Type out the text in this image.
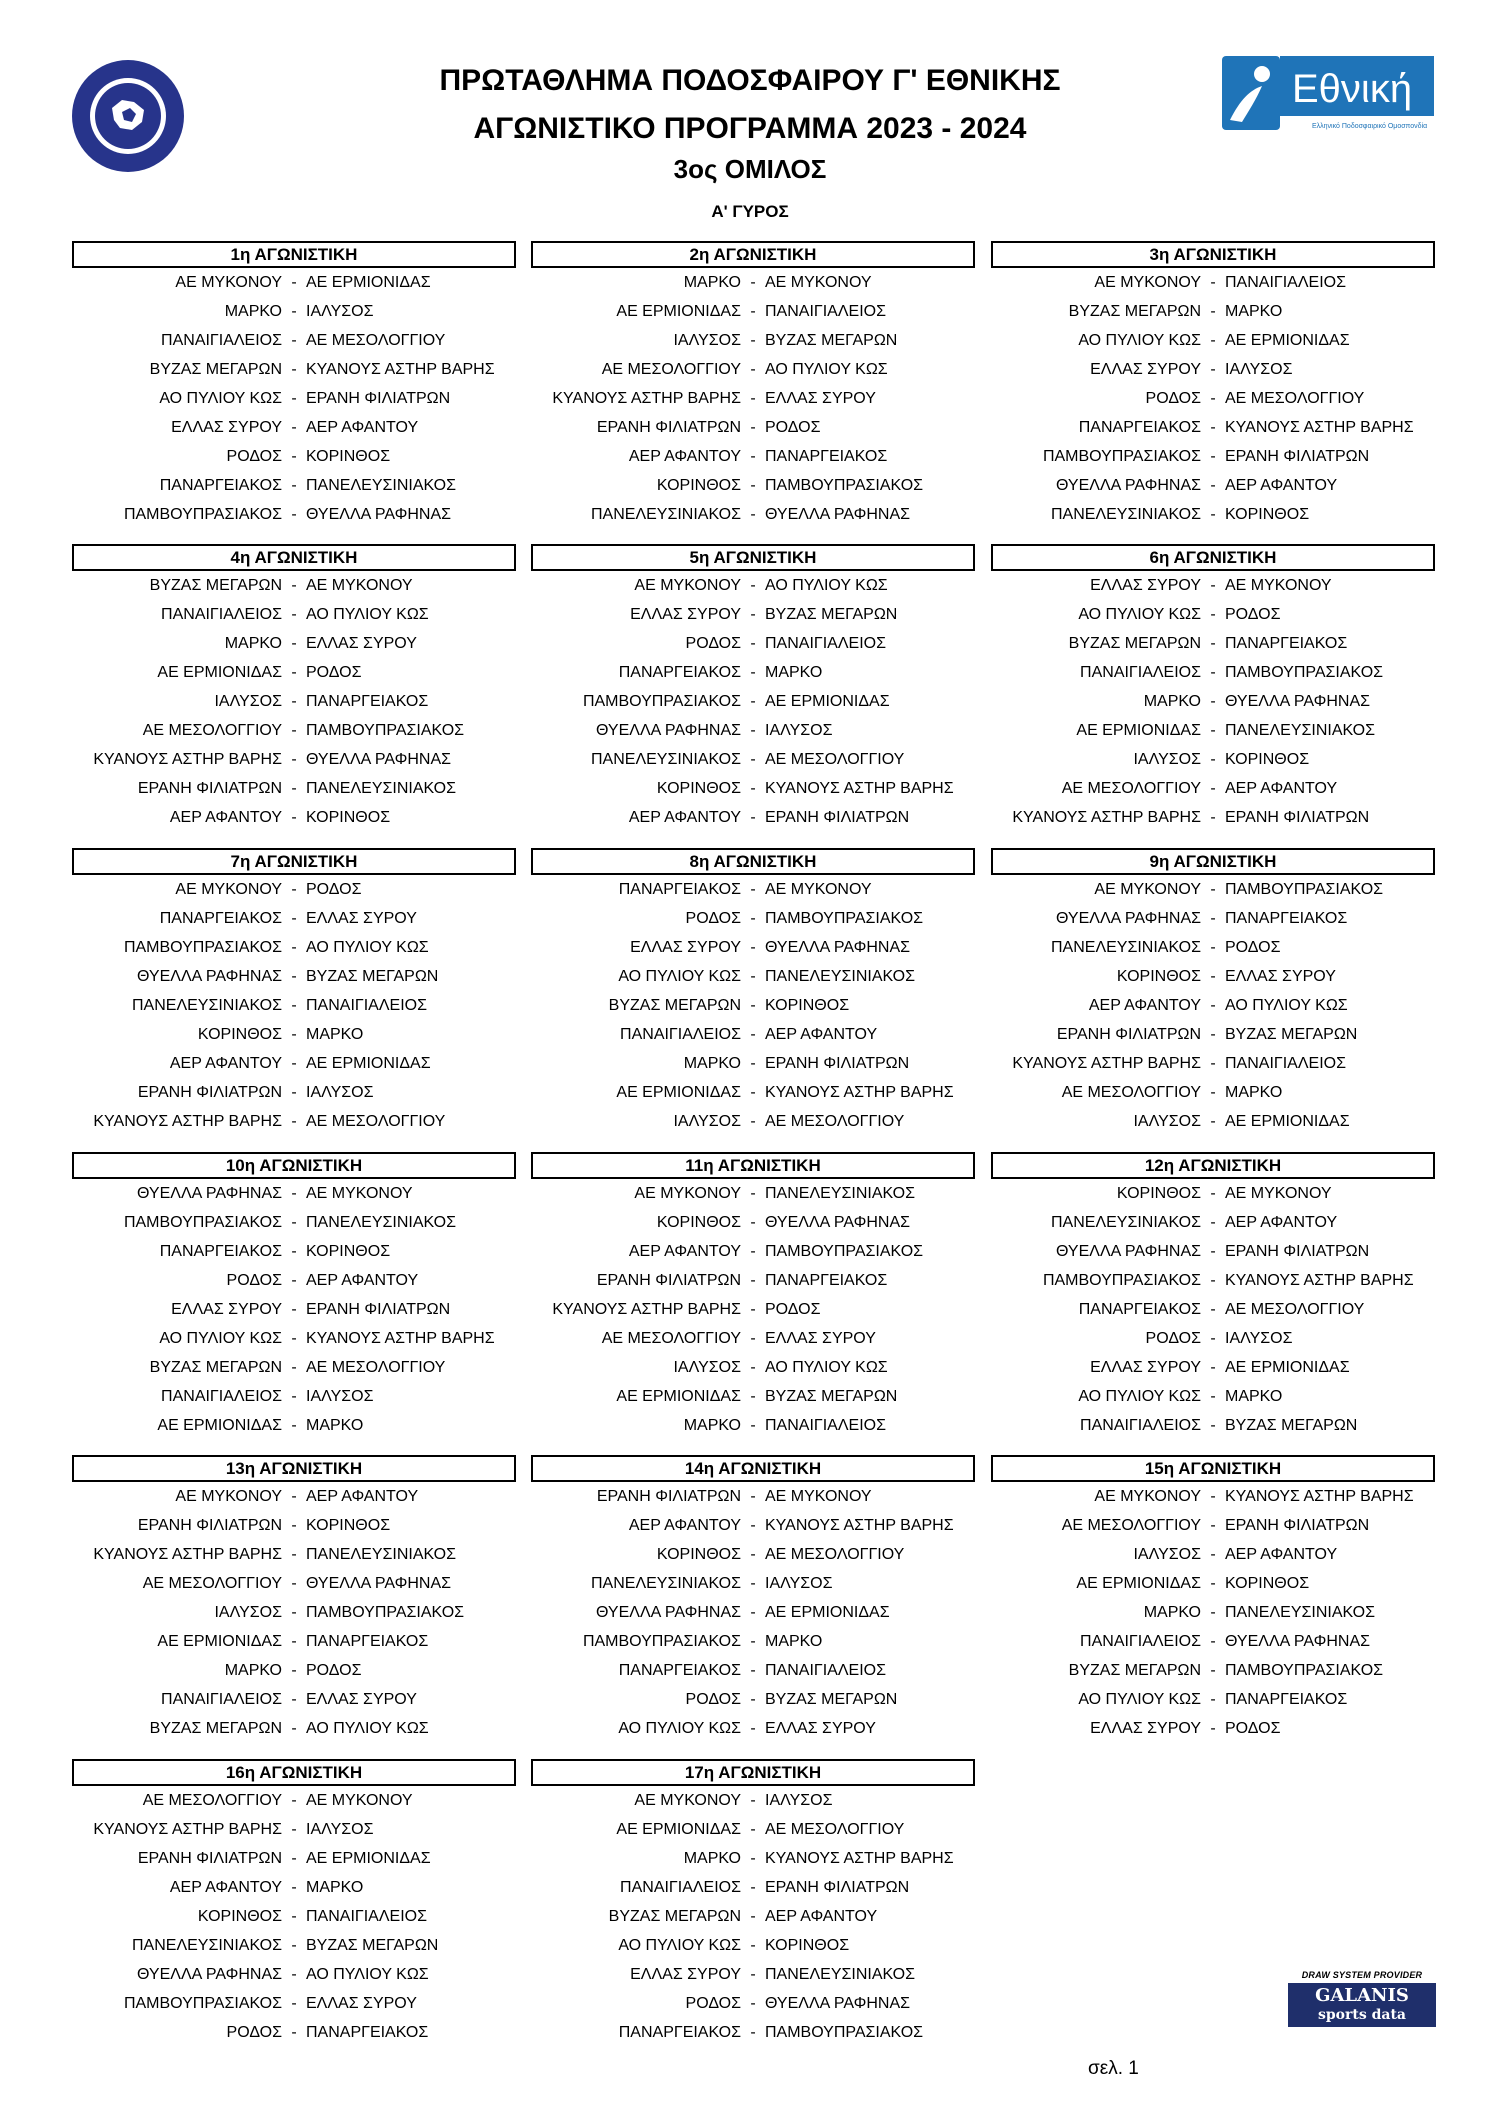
Εθνική
Ελληνικό Ποδοσφαιρικό Ομοσπονδία
ΠΡΩΤΑΘΛΗΜΑ ΠΟΔΟΣΦΑΙΡΟΥ Γ' ΕΘΝΙΚΗΣ
ΑΓΩΝΙΣΤΙΚΟ ΠΡΟΓΡΑΜΜΑ 2023 - 2024
3ος ΟΜΙΛΟΣ
Α' ΓΥΡΟΣ
1η ΑΓΩΝΙΣΤΙΚΗ
ΑΕ ΜΥΚΟΝΟΥ - ΑΕ ΕΡΜΙΟΝΙΔΑΣ
ΜΑΡΚΟ - ΙΑΛΥΣΟΣ
ΠΑΝΑΙΓΙΑΛΕΙΟΣ - ΑΕ ΜΕΣΟΛΟΓΓΙΟΥ
ΒΥΖΑΣ ΜΕΓΑΡΩΝ - ΚΥΑΝΟΥΣ ΑΣΤΗΡ ΒΑΡΗΣ
ΑΟ ΠΥΛΙΟΥ ΚΩΣ - ΕΡΑΝΗ ΦΙΛΙΑΤΡΩΝ
ΕΛΛΑΣ ΣΥΡΟΥ - ΑΕΡ ΑΦΑΝΤΟΥ
ΡΟΔΟΣ - ΚΟΡΙΝΘΟΣ
ΠΑΝΑΡΓΕΙΑΚΟΣ - ΠΑΝΕΛΕΥΣΙΝΙΑΚΟΣ
ΠΑΜΒΟΥΠΡΑΣΙΑΚΟΣ - ΘΥΕΛΛΑ ΡΑΦΗΝΑΣ
2η ΑΓΩΝΙΣΤΙΚΗ
ΜΑΡΚΟ - ΑΕ ΜΥΚΟΝΟΥ
ΑΕ ΕΡΜΙΟΝΙΔΑΣ - ΠΑΝΑΙΓΙΑΛΕΙΟΣ
ΙΑΛΥΣΟΣ - ΒΥΖΑΣ ΜΕΓΑΡΩΝ
ΑΕ ΜΕΣΟΛΟΓΓΙΟΥ - ΑΟ ΠΥΛΙΟΥ ΚΩΣ
ΚΥΑΝΟΥΣ ΑΣΤΗΡ ΒΑΡΗΣ - ΕΛΛΑΣ ΣΥΡΟΥ
ΕΡΑΝΗ ΦΙΛΙΑΤΡΩΝ - ΡΟΔΟΣ
ΑΕΡ ΑΦΑΝΤΟΥ - ΠΑΝΑΡΓΕΙΑΚΟΣ
ΚΟΡΙΝΘΟΣ - ΠΑΜΒΟΥΠΡΑΣΙΑΚΟΣ
ΠΑΝΕΛΕΥΣΙΝΙΑΚΟΣ - ΘΥΕΛΛΑ ΡΑΦΗΝΑΣ
3η ΑΓΩΝΙΣΤΙΚΗ
ΑΕ ΜΥΚΟΝΟΥ - ΠΑΝΑΙΓΙΑΛΕΙΟΣ
ΒΥΖΑΣ ΜΕΓΑΡΩΝ - ΜΑΡΚΟ
ΑΟ ΠΥΛΙΟΥ ΚΩΣ - ΑΕ ΕΡΜΙΟΝΙΔΑΣ
ΕΛΛΑΣ ΣΥΡΟΥ - ΙΑΛΥΣΟΣ
ΡΟΔΟΣ - ΑΕ ΜΕΣΟΛΟΓΓΙΟΥ
ΠΑΝΑΡΓΕΙΑΚΟΣ - ΚΥΑΝΟΥΣ ΑΣΤΗΡ ΒΑΡΗΣ
ΠΑΜΒΟΥΠΡΑΣΙΑΚΟΣ - ΕΡΑΝΗ ΦΙΛΙΑΤΡΩΝ
ΘΥΕΛΛΑ ΡΑΦΗΝΑΣ - ΑΕΡ ΑΦΑΝΤΟΥ
ΠΑΝΕΛΕΥΣΙΝΙΑΚΟΣ - ΚΟΡΙΝΘΟΣ
4η ΑΓΩΝΙΣΤΙΚΗ
ΒΥΖΑΣ ΜΕΓΑΡΩΝ - ΑΕ ΜΥΚΟΝΟΥ
ΠΑΝΑΙΓΙΑΛΕΙΟΣ - ΑΟ ΠΥΛΙΟΥ ΚΩΣ
ΜΑΡΚΟ - ΕΛΛΑΣ ΣΥΡΟΥ
ΑΕ ΕΡΜΙΟΝΙΔΑΣ - ΡΟΔΟΣ
ΙΑΛΥΣΟΣ - ΠΑΝΑΡΓΕΙΑΚΟΣ
ΑΕ ΜΕΣΟΛΟΓΓΙΟΥ - ΠΑΜΒΟΥΠΡΑΣΙΑΚΟΣ
ΚΥΑΝΟΥΣ ΑΣΤΗΡ ΒΑΡΗΣ - ΘΥΕΛΛΑ ΡΑΦΗΝΑΣ
ΕΡΑΝΗ ΦΙΛΙΑΤΡΩΝ - ΠΑΝΕΛΕΥΣΙΝΙΑΚΟΣ
ΑΕΡ ΑΦΑΝΤΟΥ - ΚΟΡΙΝΘΟΣ
5η ΑΓΩΝΙΣΤΙΚΗ
ΑΕ ΜΥΚΟΝΟΥ - ΑΟ ΠΥΛΙΟΥ ΚΩΣ
ΕΛΛΑΣ ΣΥΡΟΥ - ΒΥΖΑΣ ΜΕΓΑΡΩΝ
ΡΟΔΟΣ - ΠΑΝΑΙΓΙΑΛΕΙΟΣ
ΠΑΝΑΡΓΕΙΑΚΟΣ - ΜΑΡΚΟ
ΠΑΜΒΟΥΠΡΑΣΙΑΚΟΣ - ΑΕ ΕΡΜΙΟΝΙΔΑΣ
ΘΥΕΛΛΑ ΡΑΦΗΝΑΣ - ΙΑΛΥΣΟΣ
ΠΑΝΕΛΕΥΣΙΝΙΑΚΟΣ - ΑΕ ΜΕΣΟΛΟΓΓΙΟΥ
ΚΟΡΙΝΘΟΣ - ΚΥΑΝΟΥΣ ΑΣΤΗΡ ΒΑΡΗΣ
ΑΕΡ ΑΦΑΝΤΟΥ - ΕΡΑΝΗ ΦΙΛΙΑΤΡΩΝ
6η ΑΓΩΝΙΣΤΙΚΗ
ΕΛΛΑΣ ΣΥΡΟΥ - ΑΕ ΜΥΚΟΝΟΥ
ΑΟ ΠΥΛΙΟΥ ΚΩΣ - ΡΟΔΟΣ
ΒΥΖΑΣ ΜΕΓΑΡΩΝ - ΠΑΝΑΡΓΕΙΑΚΟΣ
ΠΑΝΑΙΓΙΑΛΕΙΟΣ - ΠΑΜΒΟΥΠΡΑΣΙΑΚΟΣ
ΜΑΡΚΟ - ΘΥΕΛΛΑ ΡΑΦΗΝΑΣ
ΑΕ ΕΡΜΙΟΝΙΔΑΣ - ΠΑΝΕΛΕΥΣΙΝΙΑΚΟΣ
ΙΑΛΥΣΟΣ - ΚΟΡΙΝΘΟΣ
ΑΕ ΜΕΣΟΛΟΓΓΙΟΥ - ΑΕΡ ΑΦΑΝΤΟΥ
ΚΥΑΝΟΥΣ ΑΣΤΗΡ ΒΑΡΗΣ - ΕΡΑΝΗ ΦΙΛΙΑΤΡΩΝ
7η ΑΓΩΝΙΣΤΙΚΗ
ΑΕ ΜΥΚΟΝΟΥ - ΡΟΔΟΣ
ΠΑΝΑΡΓΕΙΑΚΟΣ - ΕΛΛΑΣ ΣΥΡΟΥ
ΠΑΜΒΟΥΠΡΑΣΙΑΚΟΣ - ΑΟ ΠΥΛΙΟΥ ΚΩΣ
ΘΥΕΛΛΑ ΡΑΦΗΝΑΣ - ΒΥΖΑΣ ΜΕΓΑΡΩΝ
ΠΑΝΕΛΕΥΣΙΝΙΑΚΟΣ - ΠΑΝΑΙΓΙΑΛΕΙΟΣ
ΚΟΡΙΝΘΟΣ - ΜΑΡΚΟ
ΑΕΡ ΑΦΑΝΤΟΥ - ΑΕ ΕΡΜΙΟΝΙΔΑΣ
ΕΡΑΝΗ ΦΙΛΙΑΤΡΩΝ - ΙΑΛΥΣΟΣ
ΚΥΑΝΟΥΣ ΑΣΤΗΡ ΒΑΡΗΣ - ΑΕ ΜΕΣΟΛΟΓΓΙΟΥ
8η ΑΓΩΝΙΣΤΙΚΗ
ΠΑΝΑΡΓΕΙΑΚΟΣ - ΑΕ ΜΥΚΟΝΟΥ
ΡΟΔΟΣ - ΠΑΜΒΟΥΠΡΑΣΙΑΚΟΣ
ΕΛΛΑΣ ΣΥΡΟΥ - ΘΥΕΛΛΑ ΡΑΦΗΝΑΣ
ΑΟ ΠΥΛΙΟΥ ΚΩΣ - ΠΑΝΕΛΕΥΣΙΝΙΑΚΟΣ
ΒΥΖΑΣ ΜΕΓΑΡΩΝ - ΚΟΡΙΝΘΟΣ
ΠΑΝΑΙΓΙΑΛΕΙΟΣ - ΑΕΡ ΑΦΑΝΤΟΥ
ΜΑΡΚΟ - ΕΡΑΝΗ ΦΙΛΙΑΤΡΩΝ
ΑΕ ΕΡΜΙΟΝΙΔΑΣ - ΚΥΑΝΟΥΣ ΑΣΤΗΡ ΒΑΡΗΣ
ΙΑΛΥΣΟΣ - ΑΕ ΜΕΣΟΛΟΓΓΙΟΥ
9η ΑΓΩΝΙΣΤΙΚΗ
ΑΕ ΜΥΚΟΝΟΥ - ΠΑΜΒΟΥΠΡΑΣΙΑΚΟΣ
ΘΥΕΛΛΑ ΡΑΦΗΝΑΣ - ΠΑΝΑΡΓΕΙΑΚΟΣ
ΠΑΝΕΛΕΥΣΙΝΙΑΚΟΣ - ΡΟΔΟΣ
ΚΟΡΙΝΘΟΣ - ΕΛΛΑΣ ΣΥΡΟΥ
ΑΕΡ ΑΦΑΝΤΟΥ - ΑΟ ΠΥΛΙΟΥ ΚΩΣ
ΕΡΑΝΗ ΦΙΛΙΑΤΡΩΝ - ΒΥΖΑΣ ΜΕΓΑΡΩΝ
ΚΥΑΝΟΥΣ ΑΣΤΗΡ ΒΑΡΗΣ - ΠΑΝΑΙΓΙΑΛΕΙΟΣ
ΑΕ ΜΕΣΟΛΟΓΓΙΟΥ - ΜΑΡΚΟ
ΙΑΛΥΣΟΣ - ΑΕ ΕΡΜΙΟΝΙΔΑΣ
10η ΑΓΩΝΙΣΤΙΚΗ
ΘΥΕΛΛΑ ΡΑΦΗΝΑΣ - ΑΕ ΜΥΚΟΝΟΥ
ΠΑΜΒΟΥΠΡΑΣΙΑΚΟΣ - ΠΑΝΕΛΕΥΣΙΝΙΑΚΟΣ
ΠΑΝΑΡΓΕΙΑΚΟΣ - ΚΟΡΙΝΘΟΣ
ΡΟΔΟΣ - ΑΕΡ ΑΦΑΝΤΟΥ
ΕΛΛΑΣ ΣΥΡΟΥ - ΕΡΑΝΗ ΦΙΛΙΑΤΡΩΝ
ΑΟ ΠΥΛΙΟΥ ΚΩΣ - ΚΥΑΝΟΥΣ ΑΣΤΗΡ ΒΑΡΗΣ
ΒΥΖΑΣ ΜΕΓΑΡΩΝ - ΑΕ ΜΕΣΟΛΟΓΓΙΟΥ
ΠΑΝΑΙΓΙΑΛΕΙΟΣ - ΙΑΛΥΣΟΣ
ΑΕ ΕΡΜΙΟΝΙΔΑΣ - ΜΑΡΚΟ
11η ΑΓΩΝΙΣΤΙΚΗ
ΑΕ ΜΥΚΟΝΟΥ - ΠΑΝΕΛΕΥΣΙΝΙΑΚΟΣ
ΚΟΡΙΝΘΟΣ - ΘΥΕΛΛΑ ΡΑΦΗΝΑΣ
ΑΕΡ ΑΦΑΝΤΟΥ - ΠΑΜΒΟΥΠΡΑΣΙΑΚΟΣ
ΕΡΑΝΗ ΦΙΛΙΑΤΡΩΝ - ΠΑΝΑΡΓΕΙΑΚΟΣ
ΚΥΑΝΟΥΣ ΑΣΤΗΡ ΒΑΡΗΣ - ΡΟΔΟΣ
ΑΕ ΜΕΣΟΛΟΓΓΙΟΥ - ΕΛΛΑΣ ΣΥΡΟΥ
ΙΑΛΥΣΟΣ - ΑΟ ΠΥΛΙΟΥ ΚΩΣ
ΑΕ ΕΡΜΙΟΝΙΔΑΣ - ΒΥΖΑΣ ΜΕΓΑΡΩΝ
ΜΑΡΚΟ - ΠΑΝΑΙΓΙΑΛΕΙΟΣ
12η ΑΓΩΝΙΣΤΙΚΗ
ΚΟΡΙΝΘΟΣ - ΑΕ ΜΥΚΟΝΟΥ
ΠΑΝΕΛΕΥΣΙΝΙΑΚΟΣ - ΑΕΡ ΑΦΑΝΤΟΥ
ΘΥΕΛΛΑ ΡΑΦΗΝΑΣ - ΕΡΑΝΗ ΦΙΛΙΑΤΡΩΝ
ΠΑΜΒΟΥΠΡΑΣΙΑΚΟΣ - ΚΥΑΝΟΥΣ ΑΣΤΗΡ ΒΑΡΗΣ
ΠΑΝΑΡΓΕΙΑΚΟΣ - ΑΕ ΜΕΣΟΛΟΓΓΙΟΥ
ΡΟΔΟΣ - ΙΑΛΥΣΟΣ
ΕΛΛΑΣ ΣΥΡΟΥ - ΑΕ ΕΡΜΙΟΝΙΔΑΣ
ΑΟ ΠΥΛΙΟΥ ΚΩΣ - ΜΑΡΚΟ
ΠΑΝΑΙΓΙΑΛΕΙΟΣ - ΒΥΖΑΣ ΜΕΓΑΡΩΝ
13η ΑΓΩΝΙΣΤΙΚΗ
ΑΕ ΜΥΚΟΝΟΥ - ΑΕΡ ΑΦΑΝΤΟΥ
ΕΡΑΝΗ ΦΙΛΙΑΤΡΩΝ - ΚΟΡΙΝΘΟΣ
ΚΥΑΝΟΥΣ ΑΣΤΗΡ ΒΑΡΗΣ - ΠΑΝΕΛΕΥΣΙΝΙΑΚΟΣ
ΑΕ ΜΕΣΟΛΟΓΓΙΟΥ - ΘΥΕΛΛΑ ΡΑΦΗΝΑΣ
ΙΑΛΥΣΟΣ - ΠΑΜΒΟΥΠΡΑΣΙΑΚΟΣ
ΑΕ ΕΡΜΙΟΝΙΔΑΣ - ΠΑΝΑΡΓΕΙΑΚΟΣ
ΜΑΡΚΟ - ΡΟΔΟΣ
ΠΑΝΑΙΓΙΑΛΕΙΟΣ - ΕΛΛΑΣ ΣΥΡΟΥ
ΒΥΖΑΣ ΜΕΓΑΡΩΝ - ΑΟ ΠΥΛΙΟΥ ΚΩΣ
14η ΑΓΩΝΙΣΤΙΚΗ
ΕΡΑΝΗ ΦΙΛΙΑΤΡΩΝ - ΑΕ ΜΥΚΟΝΟΥ
ΑΕΡ ΑΦΑΝΤΟΥ - ΚΥΑΝΟΥΣ ΑΣΤΗΡ ΒΑΡΗΣ
ΚΟΡΙΝΘΟΣ - ΑΕ ΜΕΣΟΛΟΓΓΙΟΥ
ΠΑΝΕΛΕΥΣΙΝΙΑΚΟΣ - ΙΑΛΥΣΟΣ
ΘΥΕΛΛΑ ΡΑΦΗΝΑΣ - ΑΕ ΕΡΜΙΟΝΙΔΑΣ
ΠΑΜΒΟΥΠΡΑΣΙΑΚΟΣ - ΜΑΡΚΟ
ΠΑΝΑΡΓΕΙΑΚΟΣ - ΠΑΝΑΙΓΙΑΛΕΙΟΣ
ΡΟΔΟΣ - ΒΥΖΑΣ ΜΕΓΑΡΩΝ
ΑΟ ΠΥΛΙΟΥ ΚΩΣ - ΕΛΛΑΣ ΣΥΡΟΥ
15η ΑΓΩΝΙΣΤΙΚΗ
ΑΕ ΜΥΚΟΝΟΥ - ΚΥΑΝΟΥΣ ΑΣΤΗΡ ΒΑΡΗΣ
ΑΕ ΜΕΣΟΛΟΓΓΙΟΥ - ΕΡΑΝΗ ΦΙΛΙΑΤΡΩΝ
ΙΑΛΥΣΟΣ - ΑΕΡ ΑΦΑΝΤΟΥ
ΑΕ ΕΡΜΙΟΝΙΔΑΣ - ΚΟΡΙΝΘΟΣ
ΜΑΡΚΟ - ΠΑΝΕΛΕΥΣΙΝΙΑΚΟΣ
ΠΑΝΑΙΓΙΑΛΕΙΟΣ - ΘΥΕΛΛΑ ΡΑΦΗΝΑΣ
ΒΥΖΑΣ ΜΕΓΑΡΩΝ - ΠΑΜΒΟΥΠΡΑΣΙΑΚΟΣ
ΑΟ ΠΥΛΙΟΥ ΚΩΣ - ΠΑΝΑΡΓΕΙΑΚΟΣ
ΕΛΛΑΣ ΣΥΡΟΥ - ΡΟΔΟΣ
16η ΑΓΩΝΙΣΤΙΚΗ
ΑΕ ΜΕΣΟΛΟΓΓΙΟΥ - ΑΕ ΜΥΚΟΝΟΥ
ΚΥΑΝΟΥΣ ΑΣΤΗΡ ΒΑΡΗΣ - ΙΑΛΥΣΟΣ
ΕΡΑΝΗ ΦΙΛΙΑΤΡΩΝ - ΑΕ ΕΡΜΙΟΝΙΔΑΣ
ΑΕΡ ΑΦΑΝΤΟΥ - ΜΑΡΚΟ
ΚΟΡΙΝΘΟΣ - ΠΑΝΑΙΓΙΑΛΕΙΟΣ
ΠΑΝΕΛΕΥΣΙΝΙΑΚΟΣ - ΒΥΖΑΣ ΜΕΓΑΡΩΝ
ΘΥΕΛΛΑ ΡΑΦΗΝΑΣ - ΑΟ ΠΥΛΙΟΥ ΚΩΣ
ΠΑΜΒΟΥΠΡΑΣΙΑΚΟΣ - ΕΛΛΑΣ ΣΥΡΟΥ
ΡΟΔΟΣ - ΠΑΝΑΡΓΕΙΑΚΟΣ
17η ΑΓΩΝΙΣΤΙΚΗ
ΑΕ ΜΥΚΟΝΟΥ - ΙΑΛΥΣΟΣ
ΑΕ ΕΡΜΙΟΝΙΔΑΣ - ΑΕ ΜΕΣΟΛΟΓΓΙΟΥ
ΜΑΡΚΟ - ΚΥΑΝΟΥΣ ΑΣΤΗΡ ΒΑΡΗΣ
ΠΑΝΑΙΓΙΑΛΕΙΟΣ - ΕΡΑΝΗ ΦΙΛΙΑΤΡΩΝ
ΒΥΖΑΣ ΜΕΓΑΡΩΝ - ΑΕΡ ΑΦΑΝΤΟΥ
ΑΟ ΠΥΛΙΟΥ ΚΩΣ - ΚΟΡΙΝΘΟΣ
ΕΛΛΑΣ ΣΥΡΟΥ - ΠΑΝΕΛΕΥΣΙΝΙΑΚΟΣ
ΡΟΔΟΣ - ΘΥΕΛΛΑ ΡΑΦΗΝΑΣ
ΠΑΝΑΡΓΕΙΑΚΟΣ - ΠΑΜΒΟΥΠΡΑΣΙΑΚΟΣ
DRAW SYSTEM PROVIDER
GALANIS
sports data
σελ. 1
